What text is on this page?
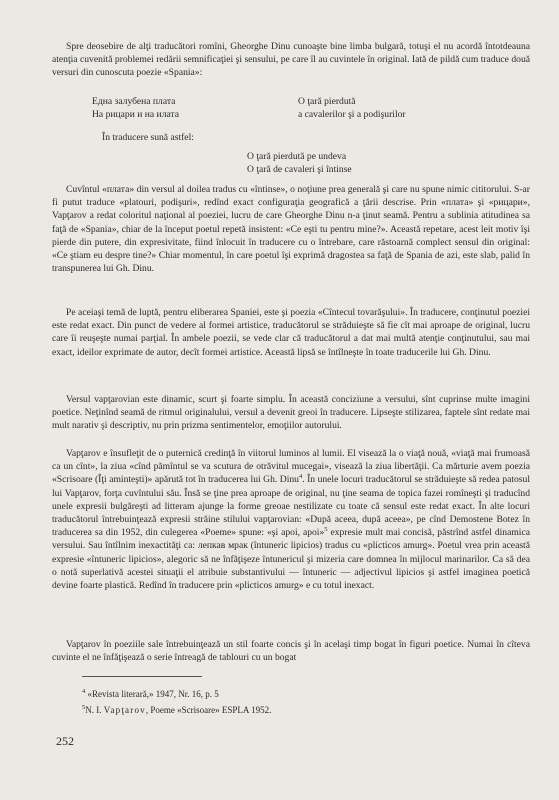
Spre deosebire de alţi traducători romîni, Gheorghe Dinu cunoaşte bine limba bulgară, totuşi el nu acordă întotdeauna atenţia cuvenită problemei redării semnificaţiei şi sensului, pe care îl au cuvintele în original. Iată de pildă cum traduce două versuri din cunoscuta poezie «Spania»:

Една залубена плата
На рицари и на илата
O ţară pierdută
a cavalerilor şi a podişurilor
În traducere sună astfel:
O ţară pierdută pe undeva
O ţară de cavaleri şi întinse

Cuvîntul «плата» din versul al doilea tradus cu «întinse», o noţiune prea generală şi care nu spune nimic cititorului. S-ar fi putut traduce «platouri, podişuri», redînd exact configuraţia geografică a ţării descrise. Prin «плата» şi «рицари», Vapţarov a redat coloritul naţional al poeziei, lucru de care Gheorghe Dinu n-a ţinut seamă. Pentru a sublinia atitudinea sa faţă de «Spania», chiar de la început poetul repetă insistent: «Ce eşti tu pentru mine?». Această repetare, acest leit motiv îşi pierde din putere, din expresivitate, fiind înlocuit în traducere cu o întrebare, care răstoarnă complect sensul din original: «Ce ştiam eu despre tine?» Chiar momentul, în care poetul îşi exprimă dragostea sa faţă de Spania de azi, este slab, palid în transpunerea lui Gh. Dinu.

Pe aceiaşi temă de luptă, pentru eliberarea Spaniei, este şi poezia «Cîntecul tovarăşului». În traducere, conţinutul poeziei este redat exact. Din punct de vedere al formei artistice, traducătorul se străduieşte să fie cît mai aproape de original, lucru care îi reuşeşte numai parţial. În ambele poezii, se vede clar că traducătorul a dat mai multă atenţie conţinutului, sau mai exact, ideilor exprimate de autor, decît formei artistice. Această lipsă se întîlneşte în toate traducerile lui Gh. Dinu.

Versul vapţarovian este dinamic, scurt şi foarte simplu. În această conciziune a versului, sînt cuprinse multe imagini poetice. Neţinînd seamă de ritmul originalului, versul a devenit greoi în traducere. Lipseşte stilizarea, faptele sînt redate mai mult narativ şi descriptiv, nu prin prizma sentimentelor, emoţiilor autorului.

Vapţarov e însufleţit de o puternică credinţă în viitorul luminos al lumii. El visează la o viaţă nouă, «viaţă mai frumoasă ca un cînt», la ziua «cînd pămîntul se va scutura de otrăvitul mucegai», visează la ziua libertăţii. Ca mărturie avem poezia «Scrisoare (Îţi aminteşti)» apărută tot în traducerea lui Gh. Dinu$^4$. În unele locuri traducătorul se străduieşte să redea patosul lui Vapţarov, forţa cuvîntului său. Însă se ţine prea aproape de original, nu ţine seama de topica fazei romîneşti şi traducînd unele expresii bulgăreşti ad litteram ajunge la forme greoae nestilizate cu toate că sensul este redat exact. În alte locuri traducătorul întrebuinţează expresii străine stilului vapţarovian: «După aceea, după aceea», pe cînd Demostene Botez în traducerea sa din 1952, din culegerea «Poeme» spune: «şi apoi, apoi»$^5$ expresie mult mai concisă, păstrînd astfel dinamica versului. Sau întîlnim inexactităţi ca: лепкав мрак (întuneric lipicios) tradus cu «plicticos amurg». Poetul vrea prin această expresie «întuneric lipicios», alegoric să ne înfăţişeze întunericul şi mizeria care domnea în mijlocul marinarilor. Ca să dea o notă superlativă acestei situaţii el atribuie substantivului — întuneric — adjectivul lipicios şi astfel imaginea poetică devine foarte plastică. Redînd în traducere prin «plicticos amurg» e cu totul inexact.

Vapţarov în poeziile sale întrebuinţează un stil foarte concis şi în acelaşi timp bogat în figuri poetice. Numai în cîteva cuvinte el ne înfăţişează o serie întreagă de tablouri cu un bogat

$^4$ «Revista literară,» 1947, Nr. 16, p. 5
$^5$N. I. Vapţarov, Poeme «Scrisoare» ESPLA 1952.
252
